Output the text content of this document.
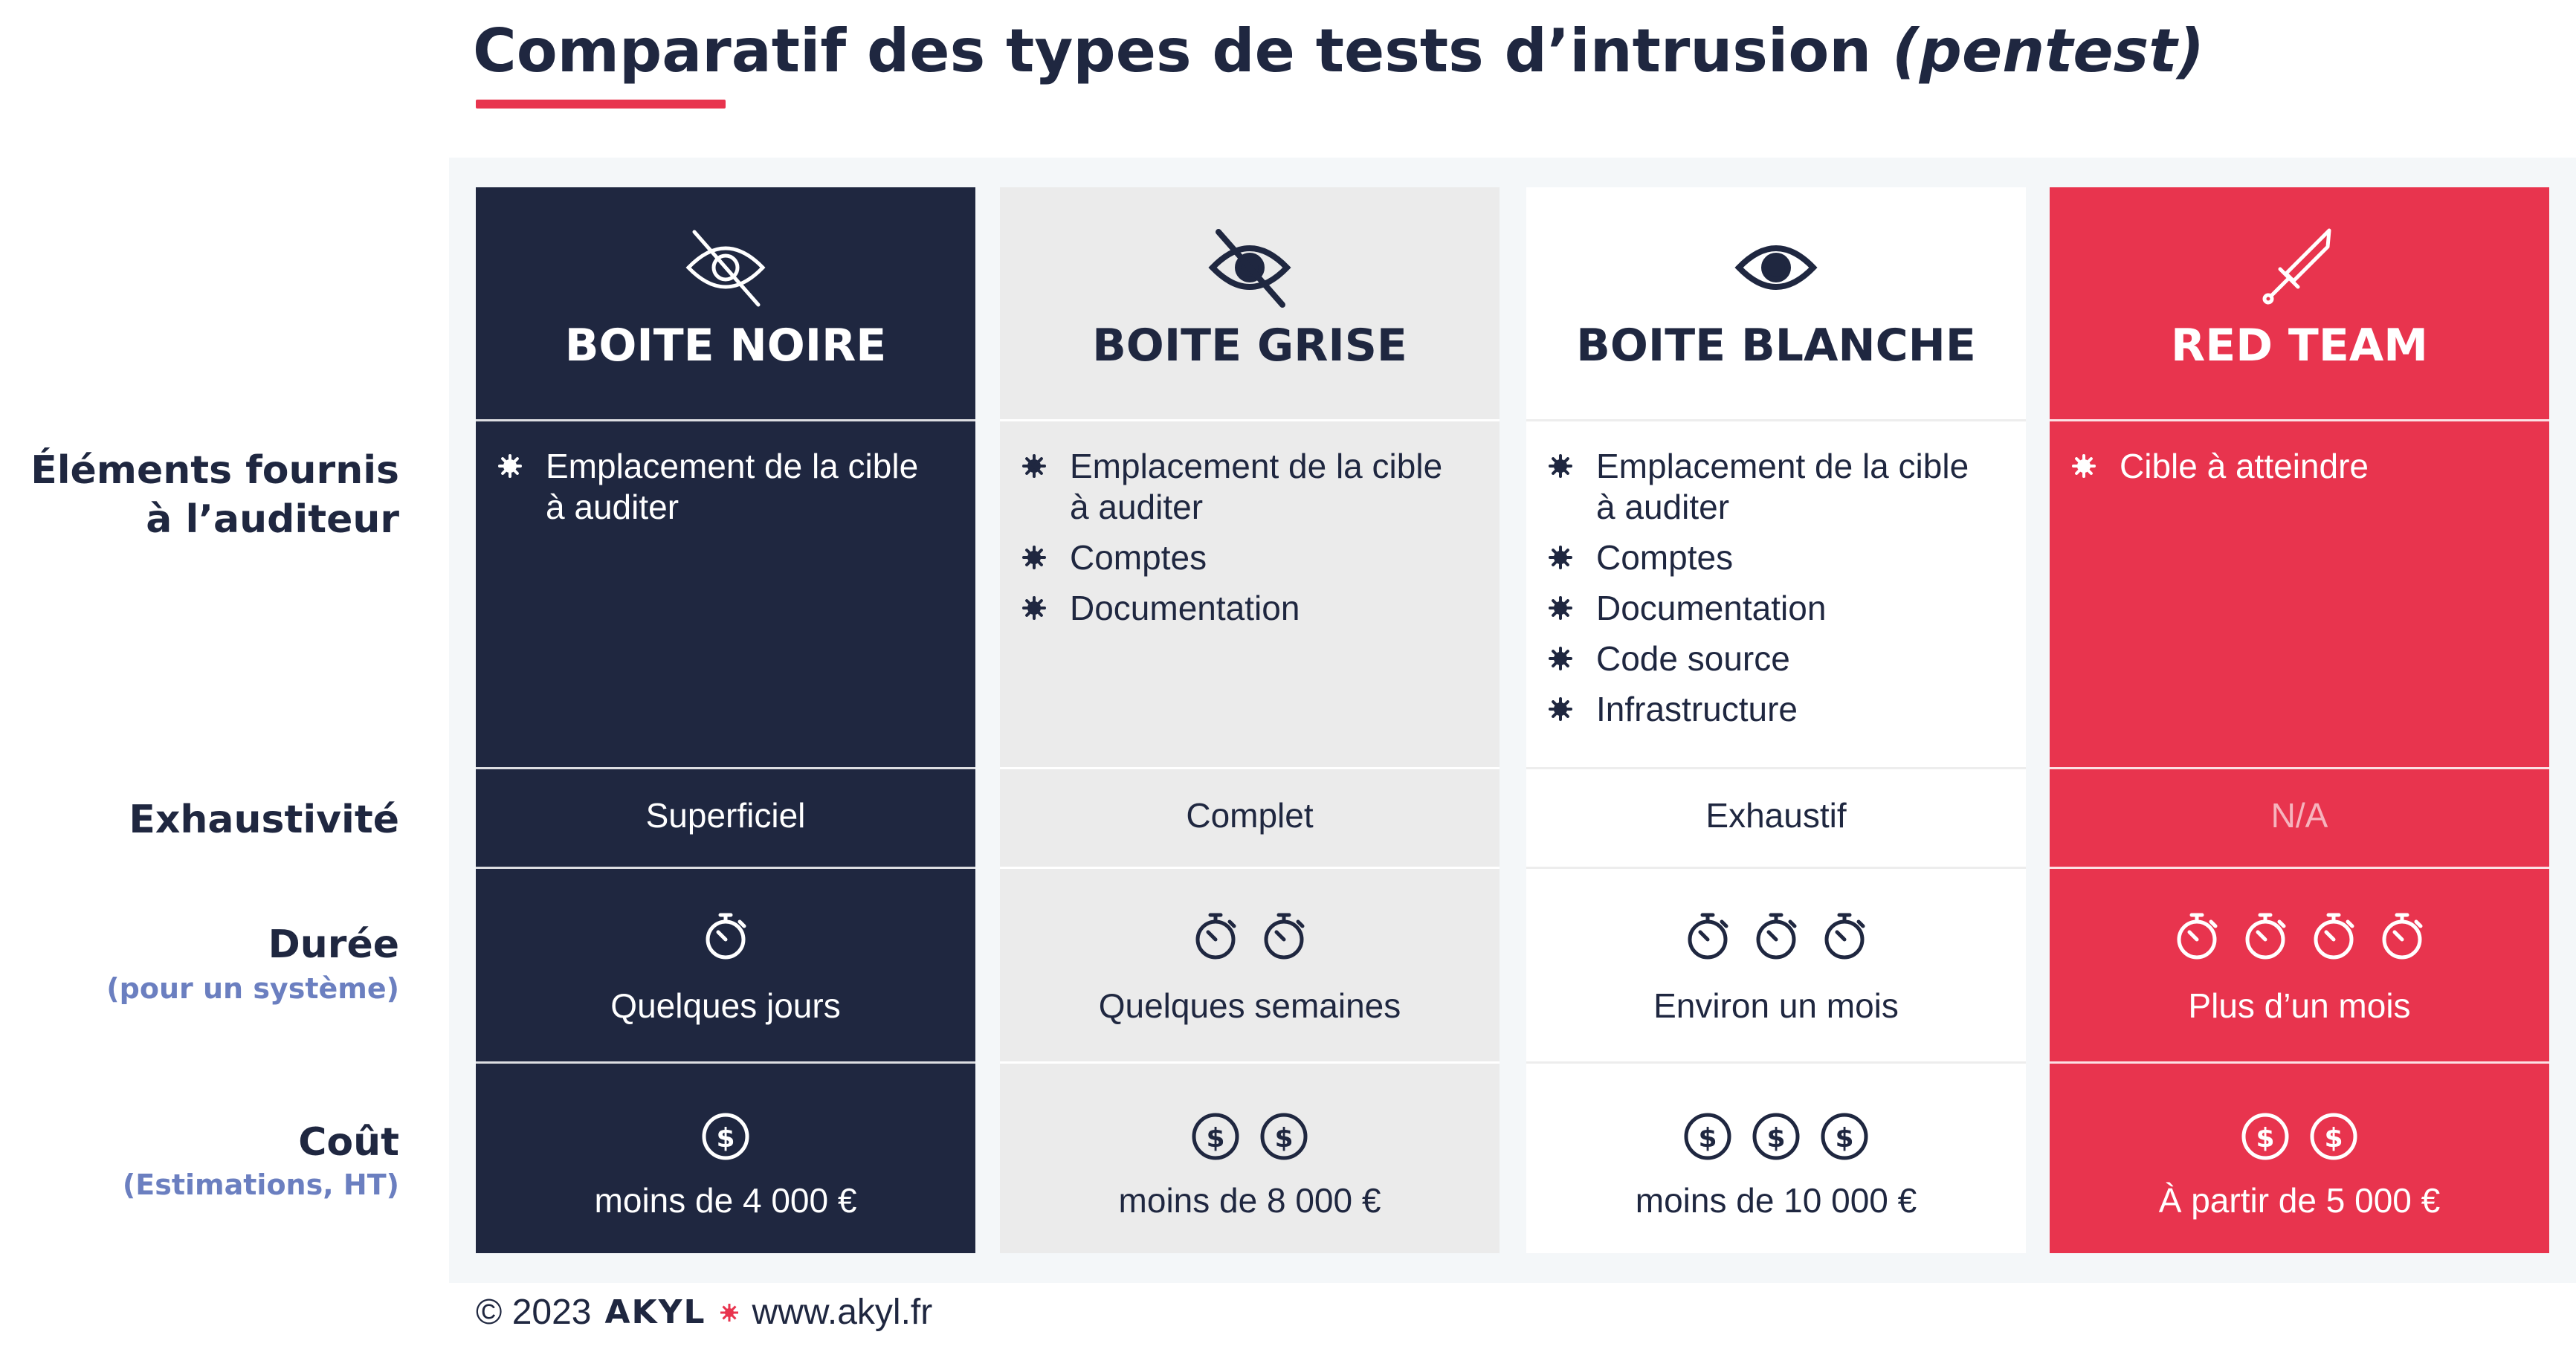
Comparatif des types de tests d’intrusion (pentest)
Éléments fournis
à l’auditeur
Exhaustivité
Durée
(pour un système)
Coût
(Estimations, HT)
BOITE NOIRE
Emplacement de la cible à auditer
Superficiel
Quelques jours
$
moins de 4 000 €
BOITE GRISE
Emplacement de la cible à auditer
Comptes
Documentation
Complet
Quelques semaines
$ $
moins de 8 000 €
BOITE BLANCHE
Emplacement de la cible à auditer
Comptes
Documentation
Code source
Infrastructure
Exhaustif
Environ un mois
$ $ $
moins de 10 000 €
RED TEAM
Cible à atteindre
N/A
Plus d’un mois
$ $
À partir de 5 000 €
© 2023 AKYL www.akyl.fr
